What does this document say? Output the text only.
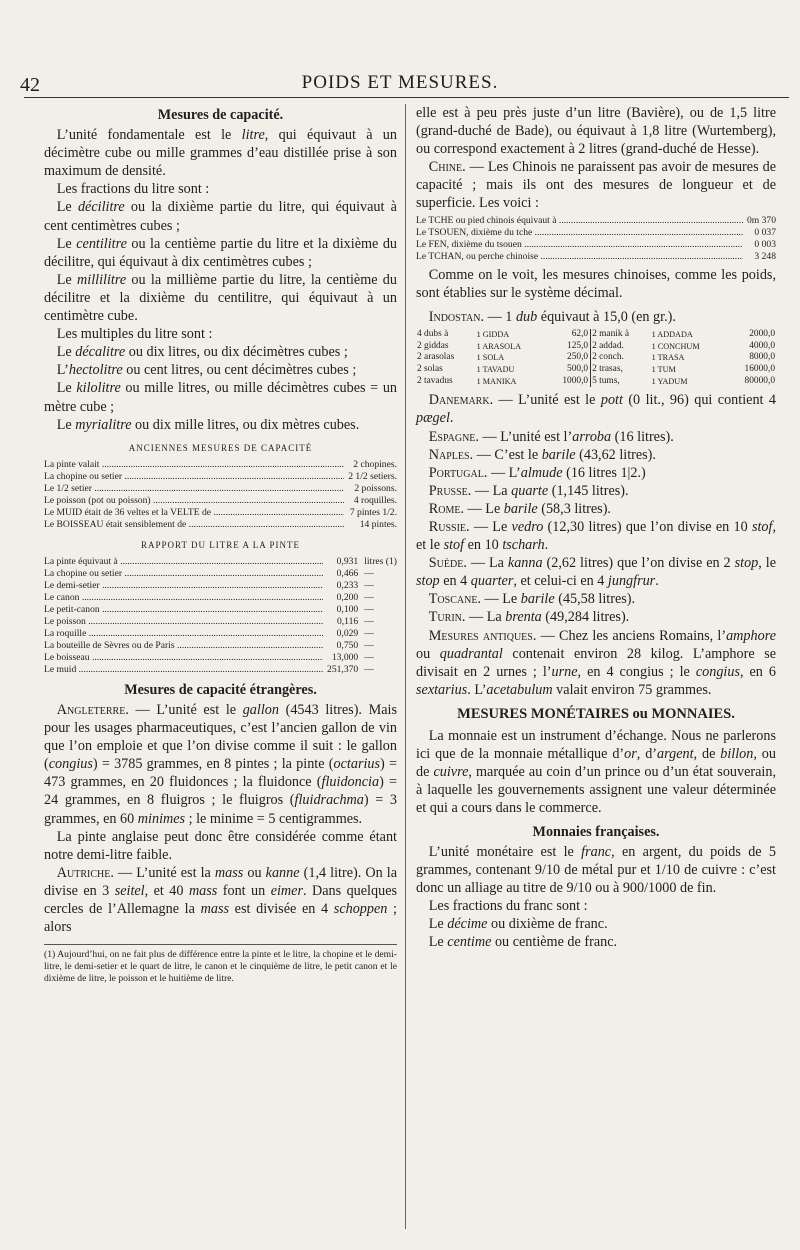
42	POIDS ET MESURES.

Mesures de capacité.

L’unité fondamentale est le litre, qui équivaut à un décimètre cube ou mille grammes d’eau distillée prise à son maximum de densité.

Les fractions du litre sont :

Le décilitre ou la dixième partie du litre, qui équivaut à cent centimètres cubes ;

Le centilitre ou la centième partie du litre et la dixième du décilitre, qui équivaut à dix centimètres cubes ;

Le millilitre ou la millième partie du litre, la centième du décilitre et la dixième du centilitre, qui équivaut à un centimètre cube.

Les multiples du litre sont :

Le décalitre ou dix litres, ou dix décimètres cubes ;

L’hectolitre ou cent litres, ou cent décimètres cubes ;

Le kilolitre ou mille litres, ou mille décimètres cubes = un mètre cube ;

Le myrialitre ou dix mille litres, ou dix mètres cubes.

ANCIENNES MESURES DE CAPACITÉ

La pinte valait .....	2 chopines.
La chopine ou setier .....	2 1/2 setiers.
Le 1/2 setier .....	2 poissons.
Le poisson (pot ou poisson) .....	4 roquilles.
Le MUID était de 36 veltes et la VELTE de .....	7 pintes 1/2.
Le BOISSEAU était sensiblement de .....	14 pintes.

RAPPORT DU LITRE A LA PINTE

La pinte équivaut à .....	0,931	litres (1)
La chopine ou setier .....	0,466	—
Le demi-setier .....	0,233	—
Le canon .....	0,200	—
Le petit-canon .....	0,100	—
Le poisson .....	0,116	—
La roquille .....	0,029	—
La bouteille de Sèvres ou de Paris .....	0,750	—
Le boisseau .....	13,000	—
Le muid .....	251,370	—

Mesures de capacité étrangères.

Angleterre. — L’unité est le gallon (4543 litres). Mais pour les usages pharmaceutiques, c’est l’ancien gallon de vin que l’on emploie et que l’on divise comme il suit : le gallon (congius) = 3785 grammes, en 8 pintes ; la pinte (octarius) = 473 grammes, en 20 fluidonces ; la fluidonce (fluidoncia) = 24 grammes, en 8 fluigros ; le fluigros (fluidrachma) = 3 grammes, en 60 minimes ; le minime = 5 centigrammes.

La pinte anglaise peut donc être considérée comme étant notre demi-litre faible.

Autriche. — L’unité est la mass ou kanne (1,4 litre). On la divise en 3 seitel, et 40 mass font un eimer. Dans quelques cercles de l’Allemagne la mass est divisée en 4 schoppen ; alors

(1) Aujourd’hui, on ne fait plus de différence entre la pinte et le litre, la chopine et le demi-litre, le demi-setier et le quart de litre, le canon et le cinquième de litre, le petit canon et le dixième de litre, le poisson et le huitième de litre.

elle est à peu près juste d’un litre (Bavière), ou de 1,5 litre (grand-duché de Bade), ou équivaut à 1,8 litre (Wurtemberg), ou correspond exactement à 2 litres (grand-duché de Hesse).

Chine. — Les Chinois ne paraissent pas avoir de mesures de capacité ; mais ils ont des mesures de longueur et de superficie. Les voici :

Le TCHE ou pied chinois équivaut à .....	0m 370
Le TSOUEN, dixième du tche .....	0 037
Le FEN, dixième du tsouen .....	0 003
Le TCHAN, ou perche chinoise .....	3 248

Comme on le voit, les mesures chinoises, comme les poids, sont établies sur le système décimal.

Indostan. — 1 dub équivaut à 15,0 (en gr.).

4 dubs à	1 GIDDA	62,0	2 manik à	1 ADDADA	2000,0
2 giddas	1 ARASOLA	125,0	2 addad.	1 CONCHUM	4000,0
2 arasolas	1 SOLA	250,0	2 conch.	1 TRASA	8000,0
2 solas	1 TAVADU	500,0	2 trasas,	1 TUM	16000,0
2 tavadus	1 MANIKA	1000,0	5 tums,	1 YADUM	80000,0

Danemark. — L’unité est le pott (0 lit., 96) qui contient 4 pægel.

Espagne. — L’unité est l’arroba (16 litres).

Naples. — C’est le barile (43,62 litres).

Portugal. — L’almude (16 litres 1|2.)

Prusse. — La quarte (1,145 litres).

Rome. — Le barile (58,3 litres).

Russie. — Le vedro (12,30 litres) que l’on divise en 10 stof, et le stof en 10 tscharh.

Suède. — La kanna (2,62 litres) que l’on divise en 2 stop, le stop en 4 quarter, et celui-ci en 4 jungfrur.

Toscane. — Le barile (45,58 litres).

Turin. — La brenta (49,284 litres).

Mesures antiques. — Chez les anciens Romains, l’amphore ou quadrantal contenait environ 28 kilog. L’amphore se divisait en 2 urnes ; l’urne, en 4 congius ; le congius, en 6 sextarius. L’acetabulum valait environ 75 grammes.

MESURES MONÉTAIRES ou MONNAIES.

La monnaie est un instrument d’échange. Nous ne parlerons ici que de la monnaie métallique d’or, d’argent, de billon, ou de cuivre, marquée au coin d’un prince ou d’un état souverain, à laquelle les gouvernements assignent une valeur déterminée et qui a cours dans le commerce.

Monnaies françaises.

L’unité monétaire est le franc, en argent, du poids de 5 grammes, contenant 9/10 de métal pur et 1/10 de cuivre : c’est donc un alliage au titre de 9/10 ou à 900/1000 de fin.

Les fractions du franc sont :

Le décime ou dixième de franc.

Le centime ou centième de franc.
